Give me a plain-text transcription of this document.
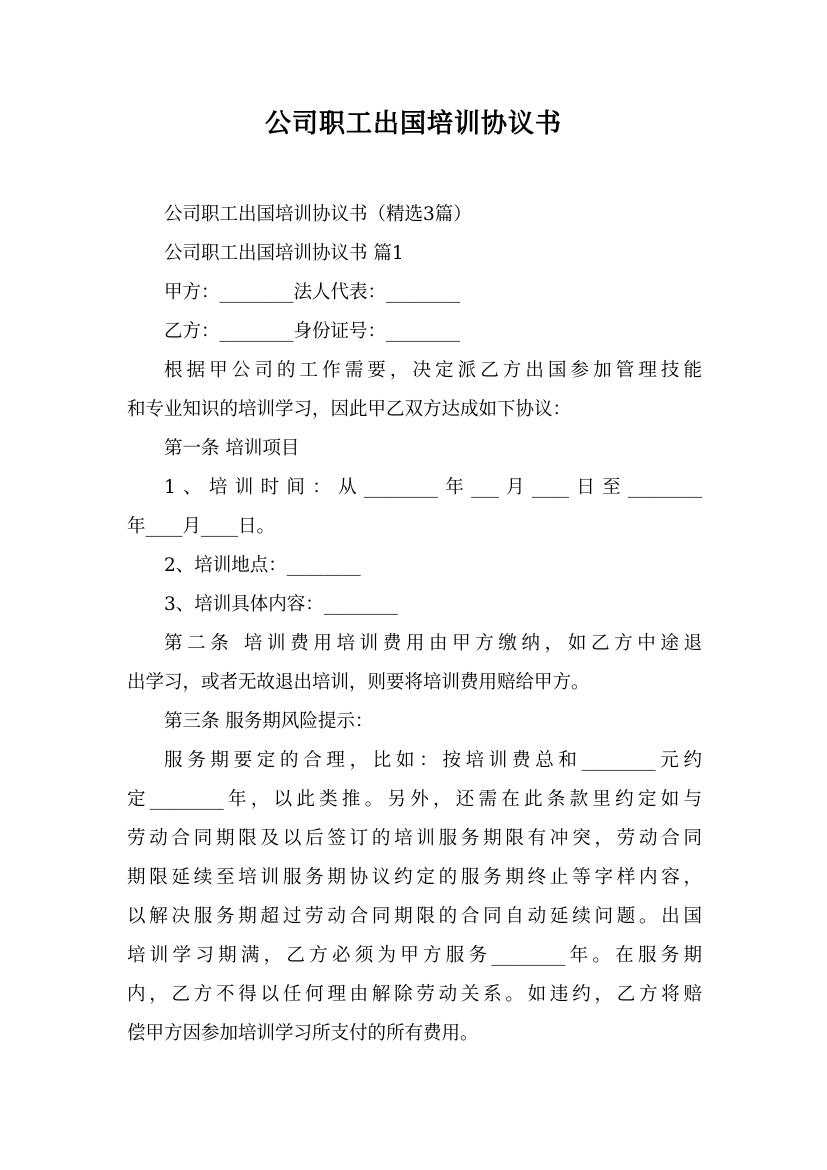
公司职工出国培训协议书
公司职工出国培训协议书（精选3篇）
公司职工出国培训协议书 篇1
甲方：________法人代表：________
乙方：________身份证号：________
根据甲公司的工作需要，决定派乙方出国参加管理技能
和专业知识的培训学习，因此甲乙双方达成如下协议：
第一条 培训项目
1、培训时间：从________年___月____日至________
年____月____日。
2、培训地点：________
3、培训具体内容：________
第二条 培训费用培训费用由甲方缴纳，如乙方中途退
出学习，或者无故退出培训，则要将培训费用赔给甲方。
第三条 服务期风险提示：
服务期要定的合理，比如：按培训费总和________元约
定________年，以此类推。另外，还需在此条款里约定如与
劳动合同期限及以后签订的培训服务期限有冲突，劳动合同
期限延续至培训服务期协议约定的服务期终止等字样内容，
以解决服务期超过劳动合同期限的合同自动延续问题。出国
培训学习期满，乙方必须为甲方服务________年。在服务期
内，乙方不得以任何理由解除劳动关系。如违约，乙方将赔
偿甲方因参加培训学习所支付的所有费用。
